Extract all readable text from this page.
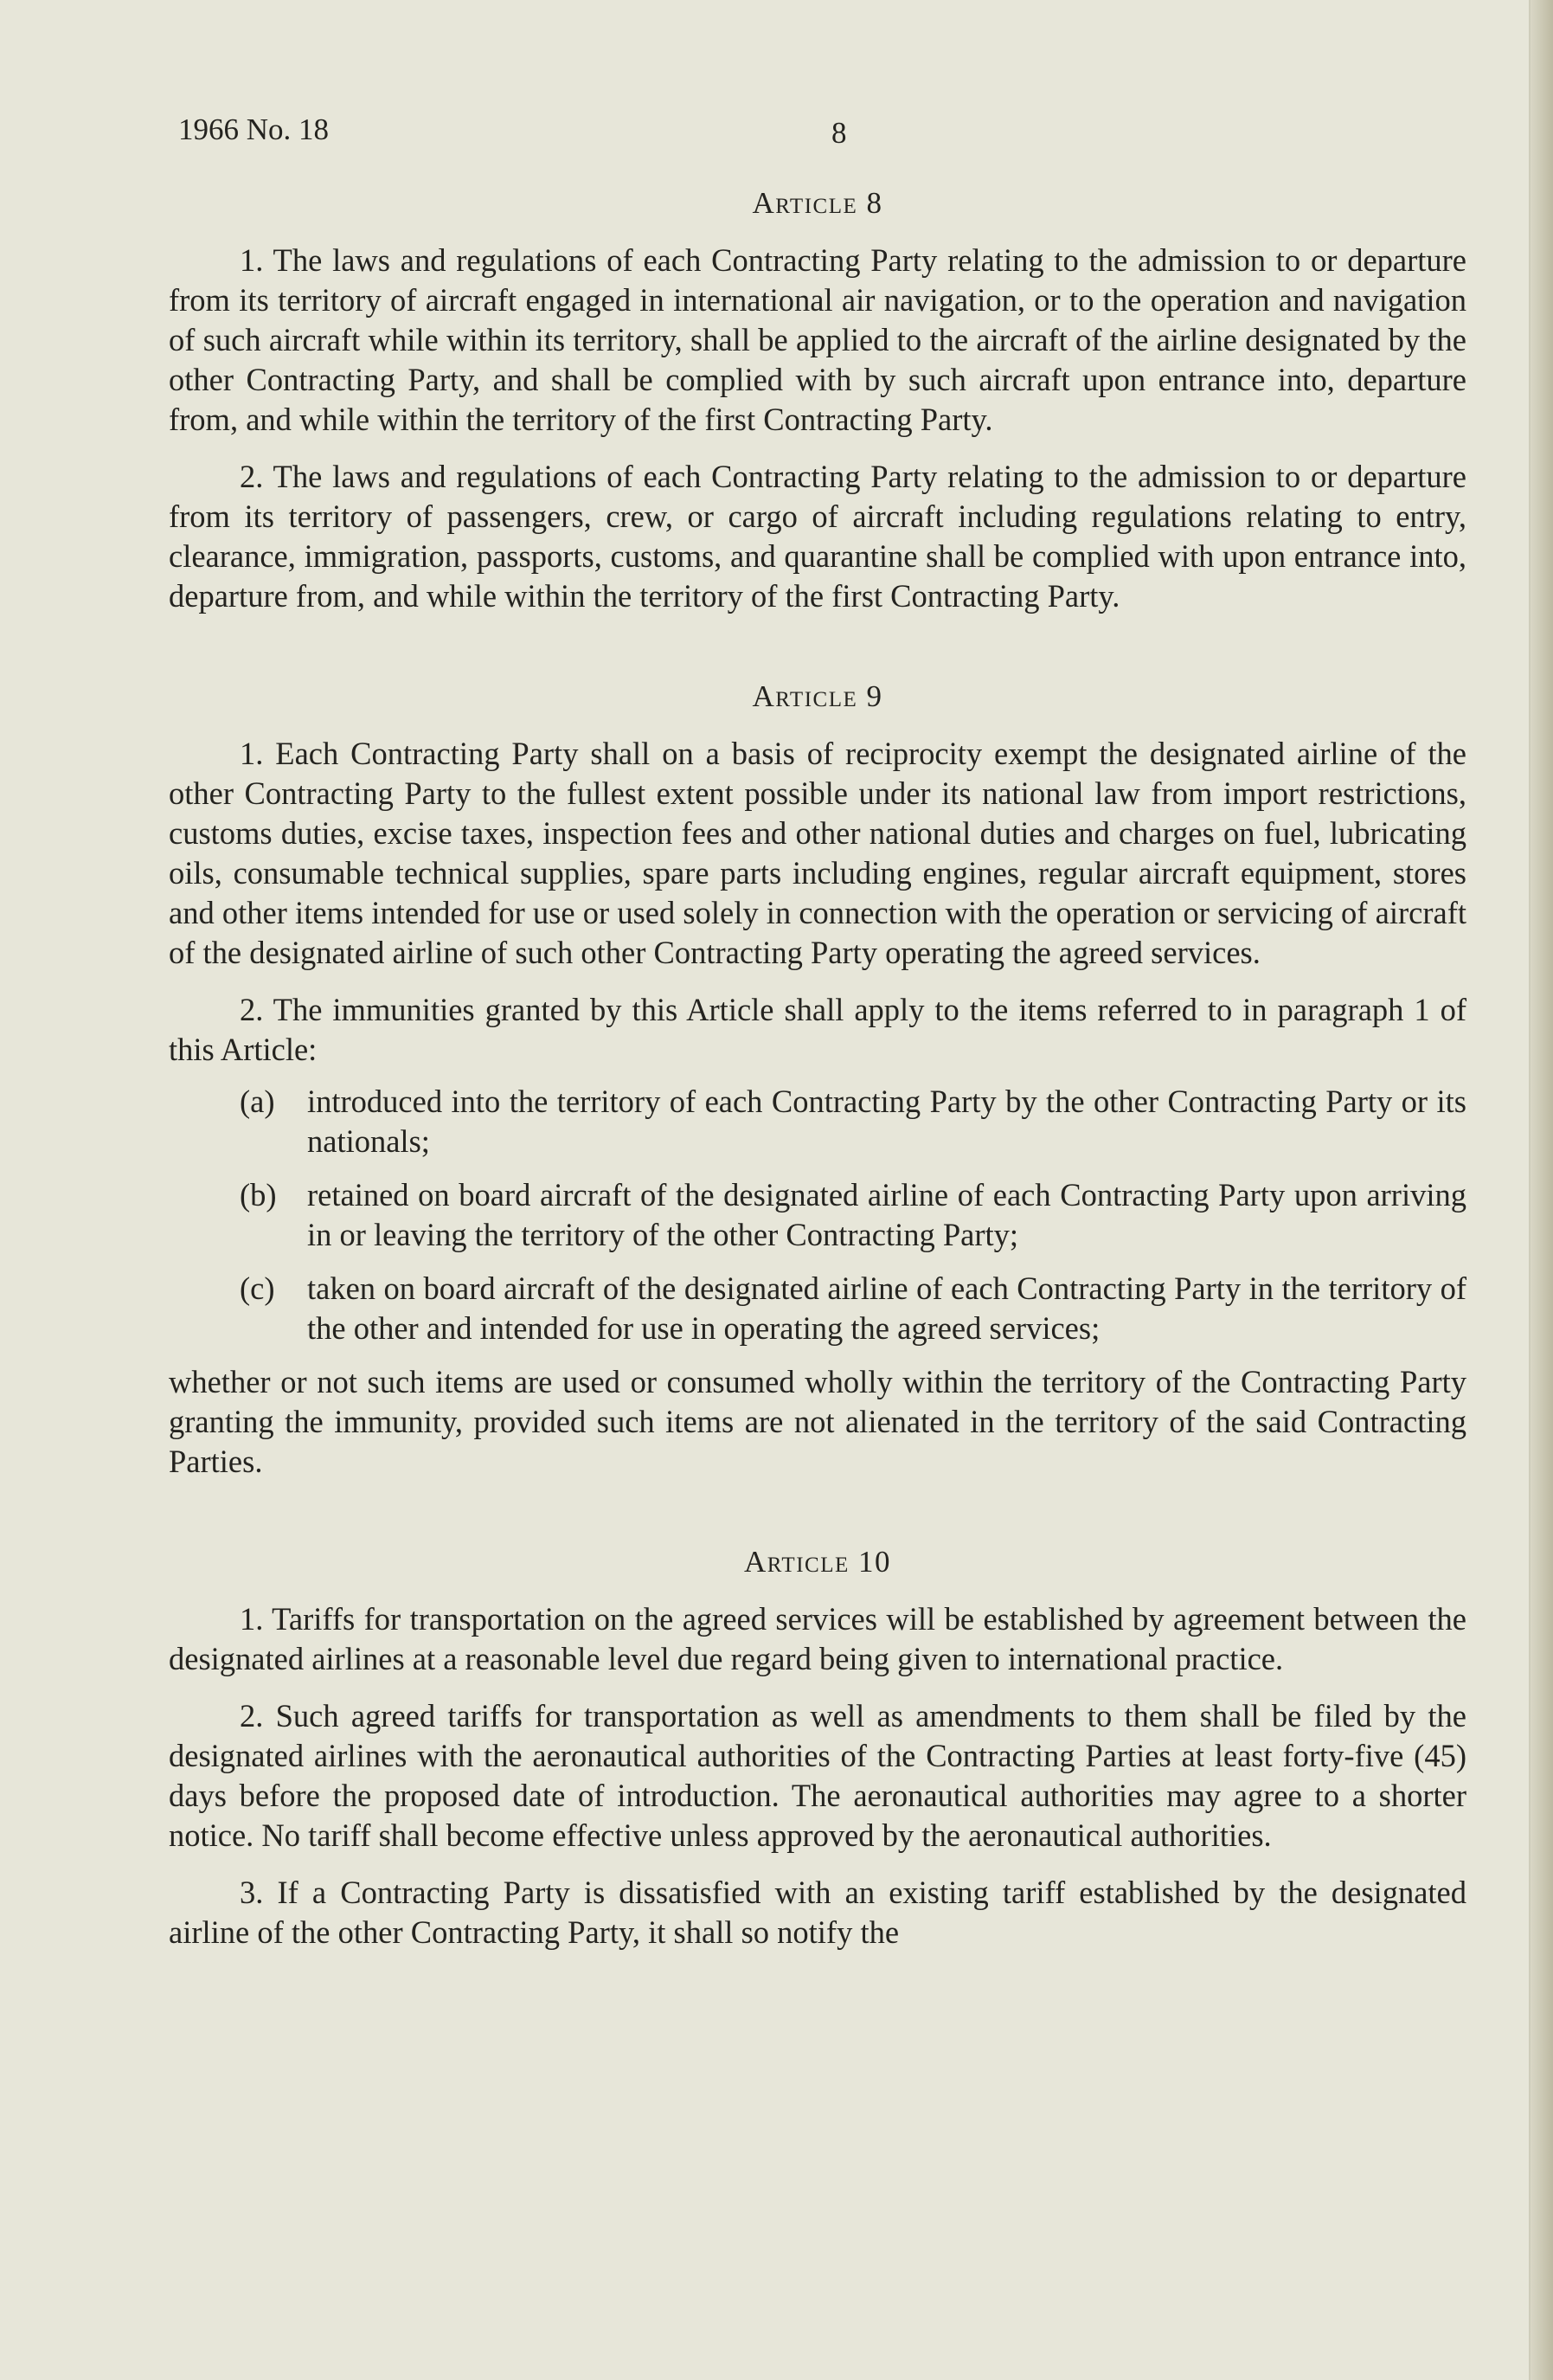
1966 No. 18	8
Article 8

1. The laws and regulations of each Contracting Party relating to the admission to or departure from its territory of aircraft engaged in international air navigation, or to the operation and navigation of such aircraft while within its territory, shall be applied to the aircraft of the airline designated by the other Contracting Party, and shall be complied with by such aircraft upon entrance into, departure from, and while within the territory of the first Contracting Party.

2. The laws and regulations of each Contracting Party relating to the admission to or departure from its territory of passengers, crew, or cargo of aircraft including regulations relating to entry, clearance, immigration, passports, customs, and quarantine shall be complied with upon entrance into, departure from, and while within the territory of the first Contracting Party.

Article 9

1. Each Contracting Party shall on a basis of reciprocity exempt the designated airline of the other Contracting Party to the fullest extent possible under its national law from import restrictions, customs duties, excise taxes, inspection fees and other national duties and charges on fuel, lubricating oils, consumable technical supplies, spare parts including engines, regular aircraft equipment, stores and other items intended for use or used solely in connection with the operation or servicing of aircraft of the designated airline of such other Contracting Party operating the agreed services.

2. The immunities granted by this Article shall apply to the items referred to in paragraph 1 of this Article:

(a)	introduced into the territory of each Contracting Party by the other Contracting Party or its nationals;
(b) retained on board aircraft of the designated airline of each Contracting Party upon arriving in or leaving the territory of the other Contracting Party;
(c)	taken on board aircraft of the designated airline of each Contracting Party in the territory of the other and intended for use in operating the agreed services;

whether or not such items are used or consumed wholly within the territory of the Contracting Party granting the immunity, provided such items are not alienated in the territory of the said Contracting Parties.

Article 10

1. Tariffs for transportation on the agreed services will be established by agreement between the designated airlines at a reasonable level due regard being given to international practice.

2. Such agreed tariffs for transportation as well as amendments to them shall be filed by the designated airlines with the aeronautical authorities of the Contracting Parties at least forty-five (45) days before the proposed date of introduction. The aeronautical authorities may agree to a shorter notice. No tariff shall become effective unless approved by the aeronautical authorities.

3. If a Contracting Party is dissatisfied with an existing tariff established by the designated airline of the other Contracting Party, it shall so notify the
